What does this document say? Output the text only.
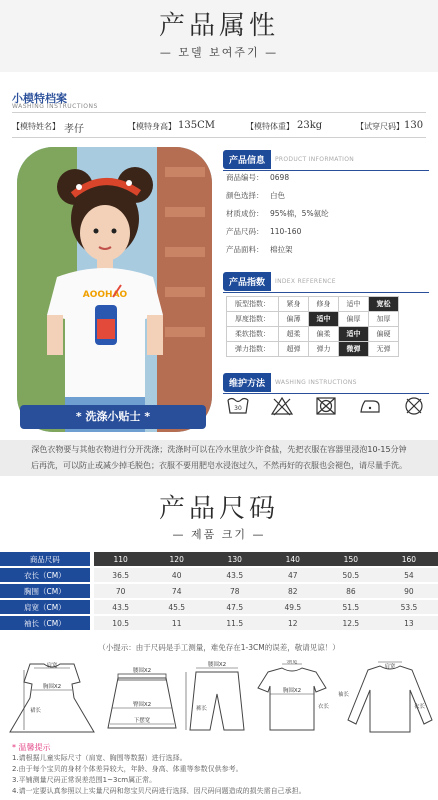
产品属性
— 모델 보여주기 —
小模特档案
WASHING INSTRUCTIONS
【模特姓名】 孝仔	【模特身高】 135CM	【模特体重】 23kg	【试穿尺码】 130
AOOHAO
* 洗涤小贴士 *
产品信息	PRODUCT INFORMATION
商品编号： 0698
颜色选择： 白色
材质成份： 95%棉，5%氨纶
产品尺码： 110-160
产品面料： 棉拉架
产品指数	INDEX REFERENCE
版型指数：	紧身	修身	适中	宽松
厚度指数：	偏薄	适中	偏厚	加厚
柔软指数：	超柔	偏柔	适中	偏硬
弹力指数：	超弹	弹力	微弹	无弹
维护方法	WASHING INSTRUCTIONS
30
深色衣物要与其他衣物进行分开洗涤；洗涤时可以在冷水里放少许食盐，先把衣服在容器里浸泡10-15分钟
后再洗，可以防止或减少掉毛脱色；衣服不要用肥皂水浸泡过久，不然再好的衣服也会褪色，请尽量手洗。
产品尺码
— 제품 크기 —
商品尺码	110	120	130	140	150	160
衣长（CM）	36.5	40	43.5	47	50.5	54
胸围（CM）	70	74	78	82	86	90
肩宽（CM）	43.5	45.5	47.5	49.5	51.5	53.5
袖长（CM）	10.5	11	11.5	12	12.5	13
（小提示：由于尺码是手工测量，难免存在1-3CM的误差，敬请见谅！）
肩宽
胸围X2
裙长
腰围X2
臀围X2
下摆宽
腰围X2
裤长
领宽
胸围X2
衣长
肩宽
袖长
衣长
* 温馨提示
1.请根据儿童实际尺寸（肩宽、胸围等数据）进行选择。
2.由于每个宝贝的身材个体差异较大，年龄、身高、体重等参数仅供参考。
3.平铺测量尺码正常误差范围1~3cm属正常。
4.请一定要认真参照以上实量尺码和您宝贝尺码进行选择，因尺码问题造成的损失需自己承担。
